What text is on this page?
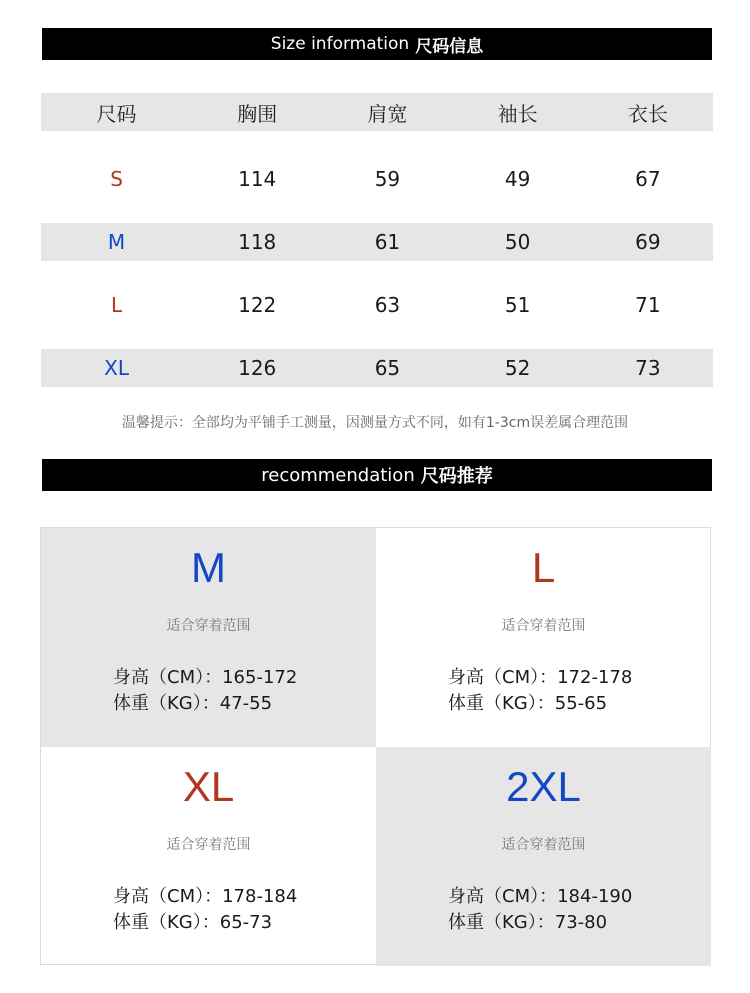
Size information 尺码信息
尺码	胸围	肩宽	袖长	衣长
S	114	59	49	67
M	118	61	50	69
L	122	63	51	71
XL	126	65	52	73
温馨提示：全部均为平铺手工测量，因测量方式不同，如有1-3cm误差属合理范围
recommendation 尺码推荐
M
适合穿着范围
身高（CM）：165-172
体重（KG）：47-55
L
适合穿着范围
身高（CM）：172-178
体重（KG）：55-65
XL
适合穿着范围
身高（CM）：178-184
体重（KG）：65-73
2XL
适合穿着范围
身高（CM）：184-190
体重（KG）：73-80
